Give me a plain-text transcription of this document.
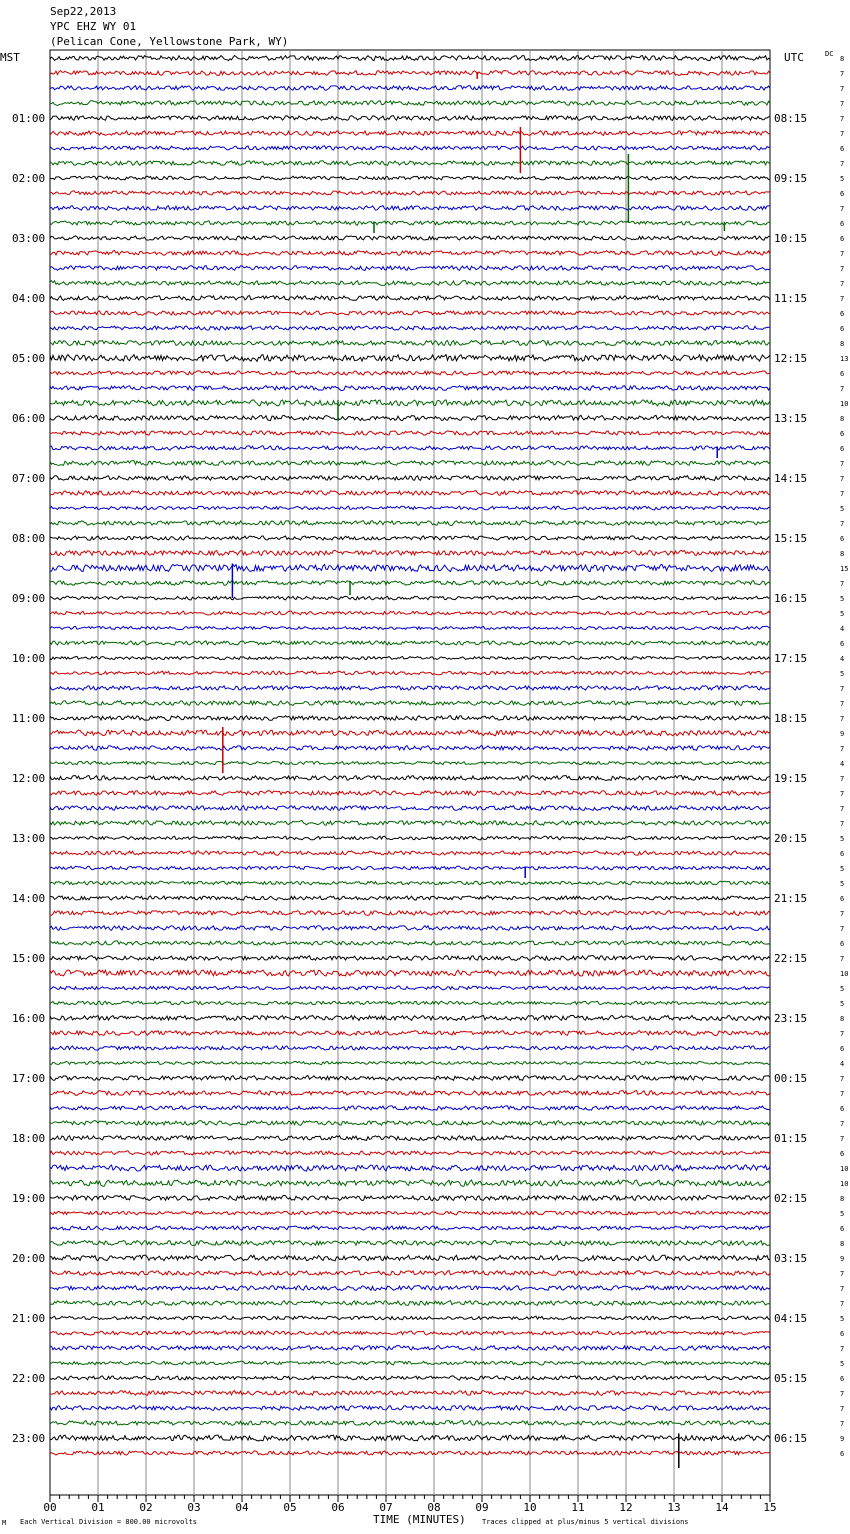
Sep22,2013
YPC EHZ WY 01
(Pelican Cone, Yellowstone Park, WY)
00	01	02	03	04	05	06	07	08	09	10	11	12	13	14	15
8
7
7
7
7
7
6
7
5
6
7
6
6
7
7
7
7
6
6
8
13
6
7
10
8
6
6
7
7
7
5
7
6
8
15
7
5
5
4
6
4
5
7
7
7
9
7
4
7
7
7
7
5
6
5
5
6
7
7
6
7
10
5
5
8
7
6
4
7
7
6
7
7
6
10
10
8
5
6
8
9
7
7
7
5
6
7
5
6
7
7
7
9
6
01:00
02:00
03:00
04:00
05:00
06:00
07:00
08:00
09:00
10:00
11:00
12:00
13:00
14:00
15:00
16:00
17:00
18:00
19:00
20:00
21:00
22:00
23:00
08:15
09:15
10:15
11:15
12:15
13:15
14:15
15:15
16:15
17:15
18:15
19:15
20:15
21:15
22:15
23:15
00:15
01:15
02:15
03:15
04:15
05:15
06:15
MST	UTC	DC
TIME (MINUTES)
Each Vertical Division = 800.00 microvolts	Traces clipped at plus/minus 5 vertical divisions
M
